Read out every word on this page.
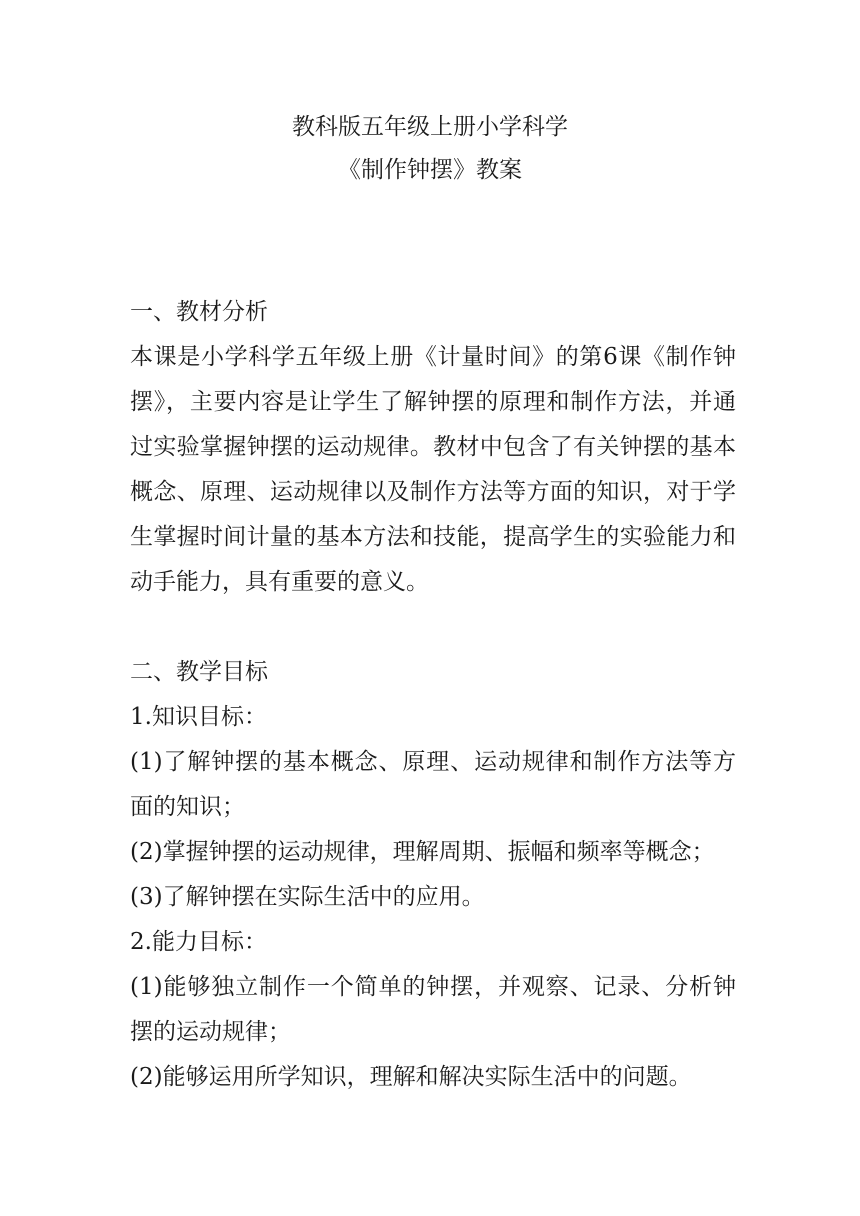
教科版五年级上册小学科学
《制作钟摆》教案

一、教材分析

本课是小学科学五年级上册《计量时间》的第6课《制作钟摆》，主要内容是让学生了解钟摆的原理和制作方法，并通过实验掌握钟摆的运动规律。教材中包含了有关钟摆的基本概念、原理、运动规律以及制作方法等方面的知识，对于学生掌握时间计量的基本方法和技能，提高学生的实验能力和动手能力，具有重要的意义。

二、教学目标

1.知识目标：

(1)了解钟摆的基本概念、原理、运动规律和制作方法等方面的知识；

(2)掌握钟摆的运动规律，理解周期、振幅和频率等概念；

(3)了解钟摆在实际生活中的应用。

2.能力目标：

(1)能够独立制作一个简单的钟摆，并观察、记录、分析钟摆的运动规律；

(2)能够运用所学知识，理解和解决实际生活中的问题。
